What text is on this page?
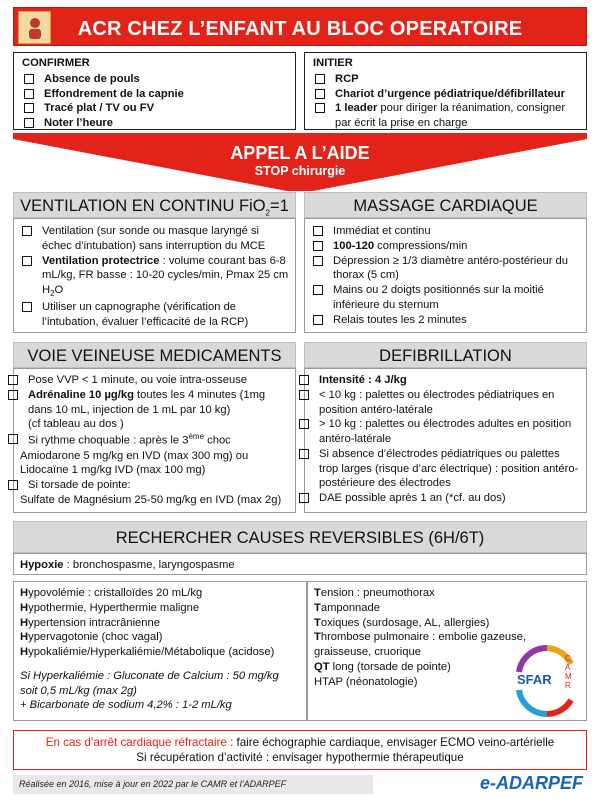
ACR CHEZ L’ENFANT AU BLOC OPERATOIRE
CONFIRMER
Absence de pouls
Effondrement de la capnie
Tracé plat / TV ou FV
Noter l’heure
INITIER
RCP
Chariot d’urgence pédiatrique/défibrillateur
1 leader pour diriger la réanimation, consigner par écrit la prise en charge
APPEL A L’AIDE
STOP chirurgie
VENTILATION EN CONTINU FiO$_2$=1
Ventilation (sur sonde ou masque laryngé si échec d’intubation) sans interruption du MCE
Ventilation protectrice : volume courant bas 6-8 mL/kg, FR basse : 10-20 cycles/min, Pmax 25 cm $H_2O$
Utiliser un capnographe (vérification de l’intubation, évaluer l’efficacité de la RCP)
MASSAGE CARDIAQUE
Immédiat et continu
100-120 compressions/min
Dépression ≥ 1/3 diamètre antéro-postérieur du thorax (5 cm)
Mains ou 2 doigts positionnés sur la moitié inférieure du sternum
Relais toutes les 2 minutes
VOIE VEINEUSE MEDICAMENTS
Pose VVP < 1 minute, ou voie intra-osseuse
Adrénaline 10 µg/kg toutes les 4 minutes (1mg dans 10 mL, injection de 1 mL par 10 kg)
(cf tableau au dos )
Si rythme choquable : après le 3ème choc
Amiodarone 5 mg/kg en IVD (max 300 mg) ou
Lidocaïne 1 mg/kg IVD (max 100 mg)
Si torsade de pointe:
Sulfate de Magnésium 25-50 mg/kg en IVD (max 2g)
DEFIBRILLATION
Intensité : 4 J/kg
< 10 kg : palettes ou électrodes pédiatriques en position antéro-latérale
> 10 kg : palettes ou électrodes adultes en position antéro-latérale
Si absence d’électrodes pédiatriques ou palettes trop larges (risque d’arc électrique) : position antéro-postérieure des électrodes
DAE possible après 1 an (*cf. au dos)
RECHERCHER CAUSES REVERSIBLES (6H/6T)
Hypoxie : bronchospasme, laryngospasme
Hypovolémie : cristalloïdes 20 mL/kg
Hypothermie, Hyperthermie maligne
Hypertension intracrânienne
Hypervagotonie (choc vagal)
Hypokaliémie/Hyperkaliémie/Métabolique (acidose)
Si Hyperkaliémie : Gluconate de Calcium : 50 mg/kg
soit 0,5 mL/kg (max 2g)
+ Bicarbonate de sodium 4,2% : 1-2 mL/kg
Tension : pneumothorax
Tamponnade
Toxiques (surdosage, AL, allergies)
Thrombose pulmonaire : embolie gazeuse, graisseuse, cruorique
QT long (torsade de pointe)
HTAP (néonatologie)	SFAR
CAMR
En cas d’arrêt cardiaque réfractaire : faire échographie cardiaque, envisager ECMO veino-artérielle
Si récupération d’activité : envisager hypothermie thérapeutique
Réalisée en 2016, mise à jour en 2022 par le CAMR et l’ADARPEF	e-ADARPEF
